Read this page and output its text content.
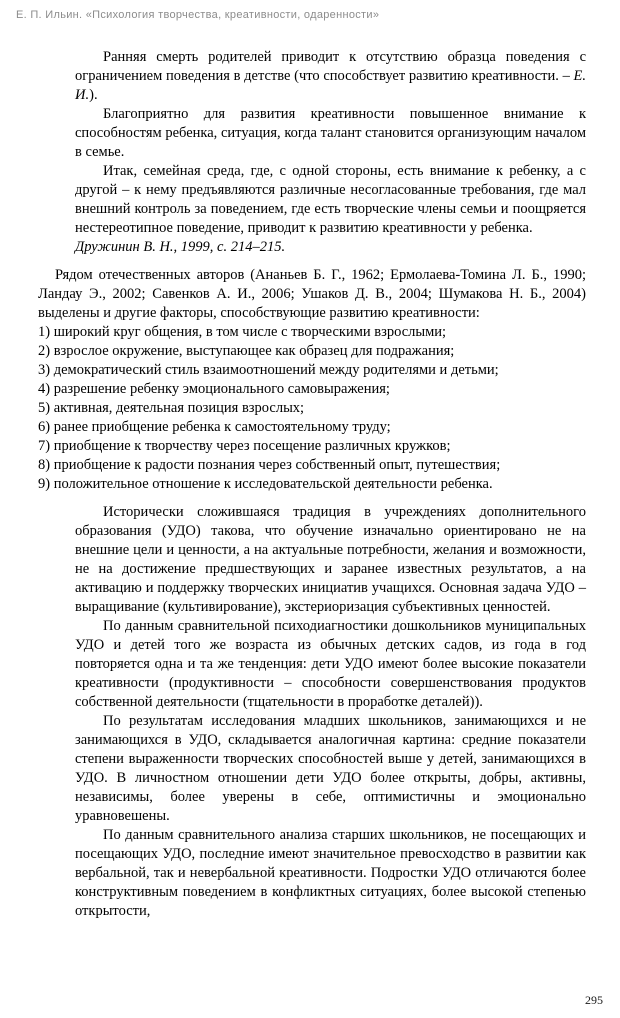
Е. П. Ильин. «Психология творчества, креативности, одаренности»

Ранняя смерть родителей приводит к отсутствию образца поведения с ограничением поведения в детстве (что способствует развитию креативности. – Е. И.).

Благоприятно для развития креативности повышенное внимание к способностям ребенка, ситуация, когда талант становится организующим началом в семье.

Итак, семейная среда, где, с одной стороны, есть внимание к ребенку, а с другой – к нему предъявляются различные несогласованные требования, где мал внешний контроль за поведением, где есть творческие члены семьи и поощряется нестереотипное поведение, приводит к развитию креативности у ребенка.

Дружинин В. Н., 1999, с. 214–215.

Рядом отечественных авторов (Ананьев Б. Г., 1962; Ермолаева-Томина Л. Б., 1990; Ландау Э., 2002; Савенков А. И., 2006; Ушаков Д. В., 2004; Шумакова Н. Б., 2004) выделены и другие факторы, способствующие развитию креативности:

1) широкий круг общения, в том числе с творческими взрослыми;
2) взрослое окружение, выступающее как образец для подражания;
3) демократический стиль взаимоотношений между родителями и детьми;
4) разрешение ребенку эмоционального самовыражения;
5) активная, деятельная позиция взрослых;
6) ранее приобщение ребенка к самостоятельному труду;
7) приобщение к творчеству через посещение различных кружков;
8) приобщение к радости познания через собственный опыт, путешествия;
9) положительное отношение к исследовательской деятельности ребенка.

Исторически сложившаяся традиция в учреждениях дополнительного образования (УДО) такова, что обучение изначально ориентировано не на внешние цели и ценности, а на актуальные потребности, желания и возможности, не на достижение предшествующих и заранее известных результатов, а на активацию и поддержку творческих инициатив учащихся. Основная задача УДО – выращивание (культивирование), экстериоризация субъективных ценностей.

По данным сравнительной психодиагностики дошкольников муниципальных УДО и детей того же возраста из обычных детских садов, из года в год повторяется одна и та же тенденция: дети УДО имеют более высокие показатели креативности (продуктивности – способности совершенствования продуктов собственной деятельности (тщательности в проработке деталей)).

По результатам исследования младших школьников, занимающихся и не занимающихся в УДО, складывается аналогичная картина: средние показатели степени выраженности творческих способностей выше у детей, занимающихся в УДО. В личностном отношении дети УДО более открыты, добры, активны, независимы, более уверены в себе, оптимистичны и эмоционально уравновешены.

По данным сравнительного анализа старших школьников, не посещающих и посещающих УДО, последние имеют значительное превосходство в развитии как вербальной, так и невербальной креативности. Подростки УДО отличаются более конструктивным поведением в конфликтных ситуациях, более высокой степенью открытости,

295
